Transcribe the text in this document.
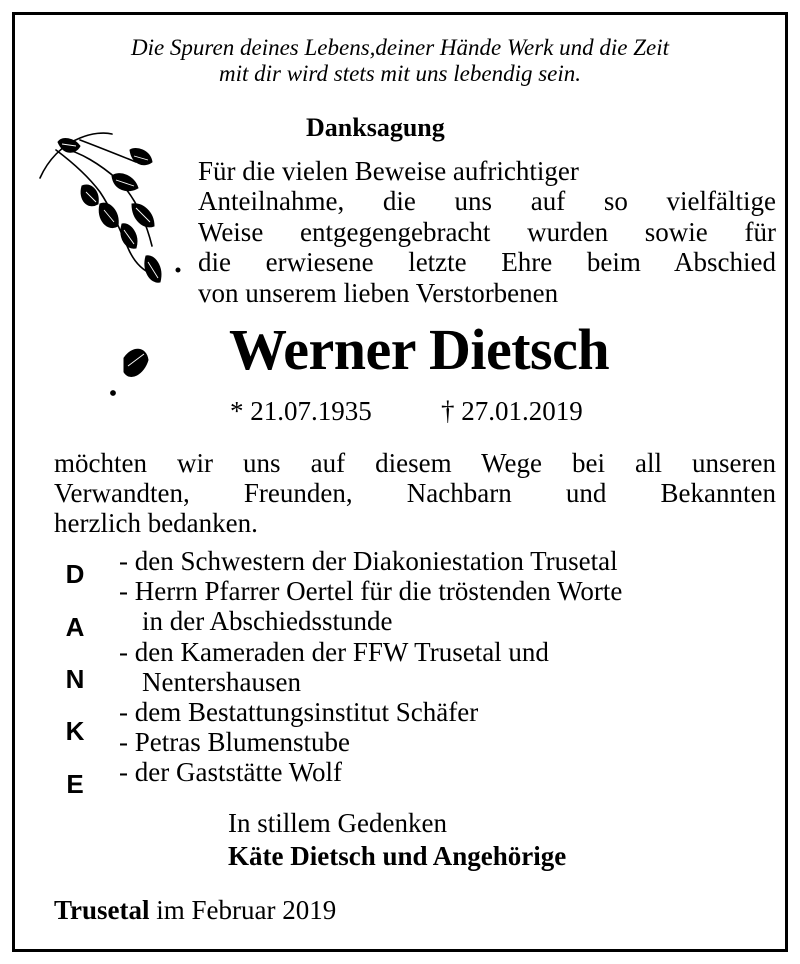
Die Spuren deines Lebens,deiner Hände Werk und die Zeit
mit dir wird stets mit uns lebendig sein.
Danksagung
Für die vielen Beweise aufrichtiger
Anteilnahme, die uns auf so vielfältige
Weise entgegengebracht wurden sowie für
die erwiesene letzte Ehre beim Abschied
von unserem lieben Verstorbenen
Werner Dietsch
* 21.07.1935	† 27.01.2019
möchten wir uns auf diesem Wege bei all unseren
Verwandten, Freunden, Nachbarn und Bekannten
herzlich bedanken.
D
A
N
K
E
- den Schwestern der Diakoniestation Trusetal
- Herrn Pfarrer Oertel für die tröstenden Worte
in der Abschiedsstunde
- den Kameraden der FFW Trusetal und
Nentershausen
- dem Bestattungsinstitut Schäfer
- Petras Blumenstube
- der Gaststätte Wolf
In stillem Gedenken
Käte Dietsch und Angehörige
Trusetal im Februar 2019
